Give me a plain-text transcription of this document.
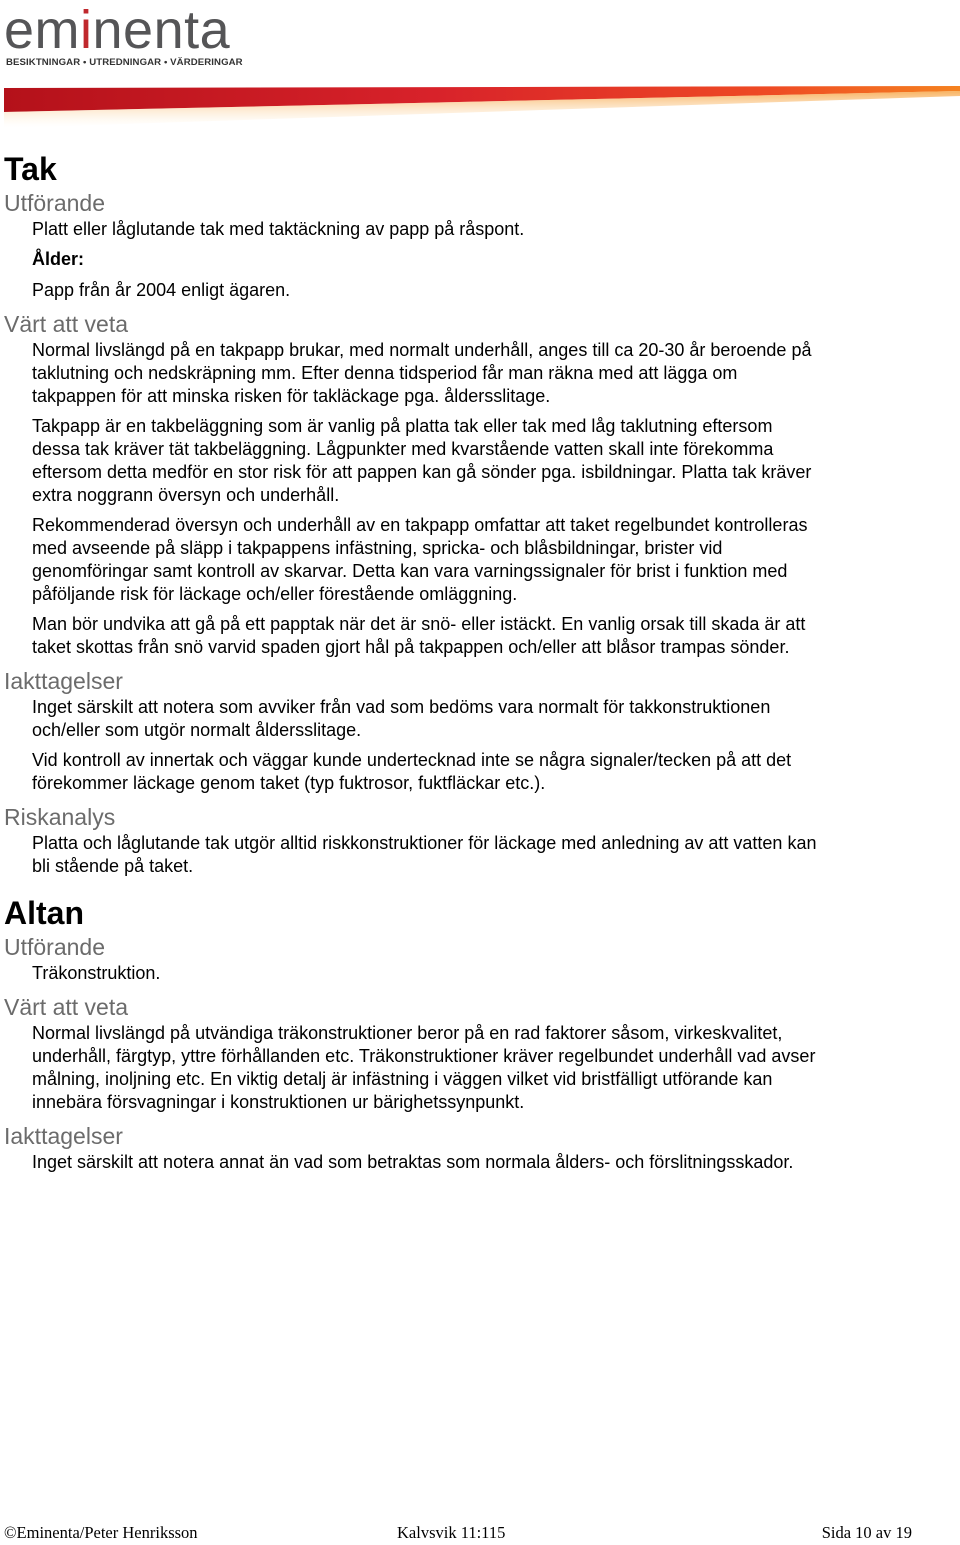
eminenta
BESIKTNINGAR • UTREDNINGAR • VÄRDERINGAR
Tak
Utförande

Platt eller låglutande tak med taktäckning av papp på råspont.

Ålder:

Papp från år 2004 enligt ägaren.

Värt att veta

Normal livslängd på en takpapp brukar, med normalt underhåll, anges till ca 20-30 år beroende på
taklutning och nedskräpning mm. Efter denna tidsperiod får man räkna med att lägga om
takpappen för att minska risken för takläckage pga. åldersslitage.

Takpapp är en takbeläggning som är vanlig på platta tak eller tak med låg taklutning eftersom
dessa tak kräver tät takbeläggning. Lågpunkter med kvarstående vatten skall inte förekomma
eftersom detta medför en stor risk för att pappen kan gå sönder pga. isbildningar. Platta tak kräver
extra noggrann översyn och underhåll.

Rekommenderad översyn och underhåll av en takpapp omfattar att taket regelbundet kontrolleras
med avseende på släpp i takpappens infästning, spricka- och blåsbildningar, brister vid
genomföringar samt kontroll av skarvar. Detta kan vara varningssignaler för brist i funktion med
påföljande risk för läckage och/eller förestående omläggning.

Man bör undvika att gå på ett papptak när det är snö- eller istäckt. En vanlig orsak till skada är att
taket skottas från snö varvid spaden gjort hål på takpappen och/eller att blåsor trampas sönder.

Iakttagelser

Inget särskilt att notera som avviker från vad som bedöms vara normalt för takkonstruktionen
och/eller som utgör normalt åldersslitage.

Vid kontroll av innertak och väggar kunde undertecknad inte se några signaler/tecken på att det
förekommer läckage genom taket (typ fuktrosor, fuktfläckar etc.).

Riskanalys

Platta och låglutande tak utgör alltid riskkonstruktioner för läckage med anledning av att vatten kan
bli stående på taket.

Altan
Utförande

Träkonstruktion.

Värt att veta

Normal livslängd på utvändiga träkonstruktioner beror på en rad faktorer såsom, virkeskvalitet,
underhåll, färgtyp, yttre förhållanden etc. Träkonstruktioner kräver regelbundet underhåll vad avser
målning, inoljning etc. En viktig detalj är infästning i väggen vilket vid bristfälligt utförande kan
innebära försvagningar i konstruktionen ur bärighetssynpunkt.

Iakttagelser

Inget särskilt att notera annat än vad som betraktas som normala ålders- och förslitningsskador.

©Eminenta/Peter Henriksson	Kalvsvik 11:115	Sida 10 av 19
